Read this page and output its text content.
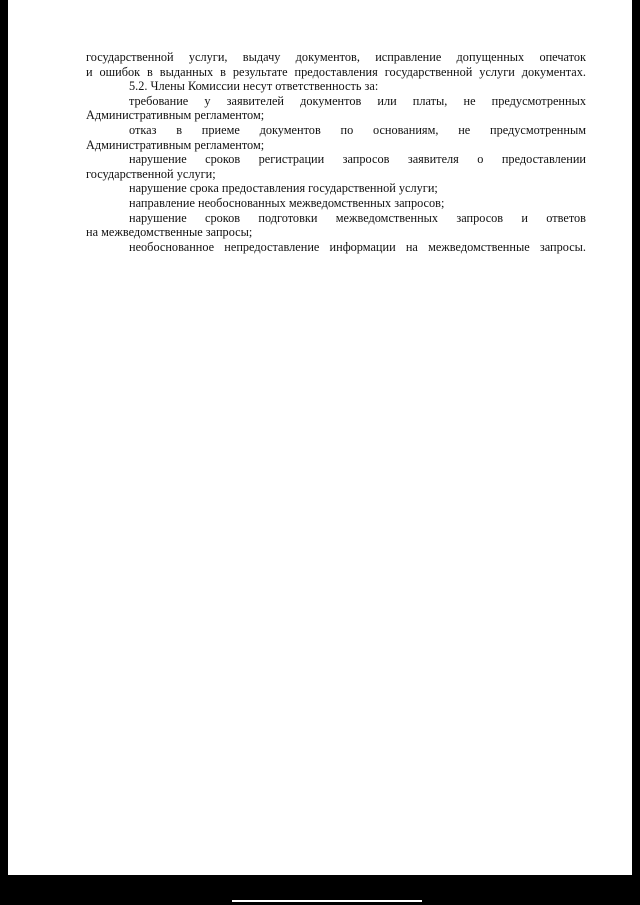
государственной услуги, выдачу документов, исправление допущенных опечаток
и ошибок в выданных в результате предоставления государственной услуги документах.
5.2. Члены Комиссии несут ответственность за:
требование у заявителей документов или платы, не предусмотренных
Административным регламентом;
отказ в приеме документов по основаниям, не предусмотренным
Административным регламентом;
нарушение сроков регистрации запросов заявителя о предоставлении
государственной услуги;
нарушение срока предоставления государственной услуги;
направление необоснованных межведомственных запросов;
нарушение сроков подготовки межведомственных запросов и ответов
на межведомственные запросы;
необоснованное непредоставление информации на межведомственные запросы.
